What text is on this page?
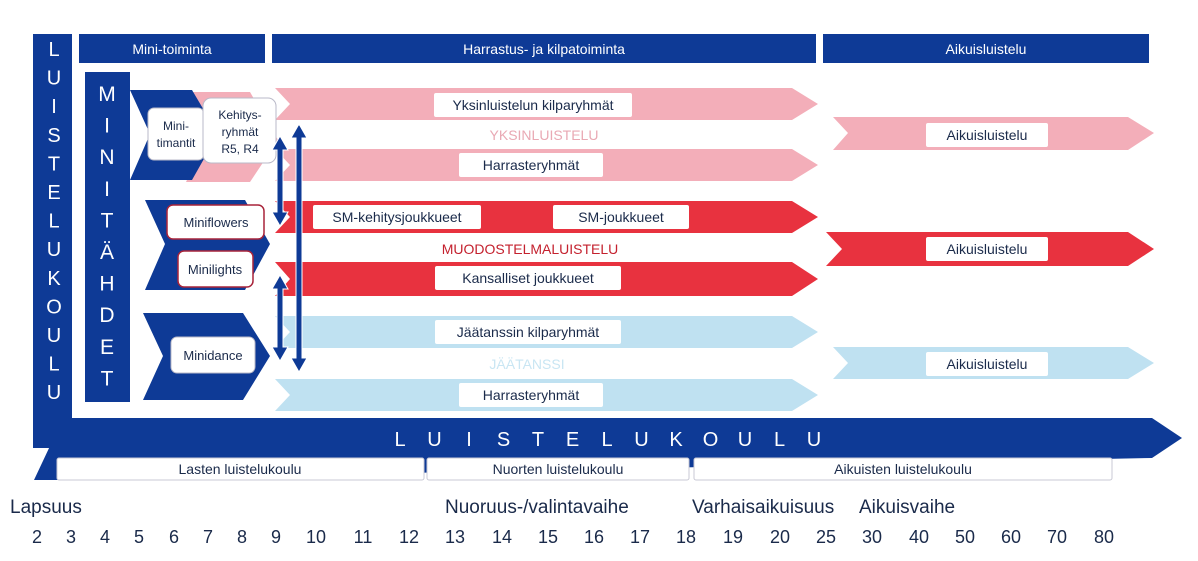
L
U
I
S
T
E
L
U
K
O
U
L
U
Mini-toiminta	Harrastus- ja kilpatoiminta	Aikuisluistelu
M
I
N
I
T
Ä
H
D
E
T
YKSINLUISTELU
Yksinluistelun kilparyhmät
Harrasteryhmät
Aikuisluistelu
Mini-
timantit
Kehitys-
ryhmät
R5, R4
MUODOSTELMALUISTELU
SM-kehitysjoukkueet	SM-joukkueet
Kansalliset joukkueet
Aikuisluistelu
Miniflowers
Minilights
JÄÄTANSSI
Jäätanssin kilparyhmät
Harrasteryhmät
Aikuisluistelu
Minidance
L U I S T E L U K O U L U
Lasten luistelukoulu	Nuorten luistelukoulu	Aikuisten luistelukoulu
Lapsuus	Nuoruus-/valintavaihe	Varhaisaikuisuus Aikuisvaihe
2 3 4 5 6 7 8 9 10 11 12 13 14 15 16 17 18 19 20 25 30 40 50 60 70 80
